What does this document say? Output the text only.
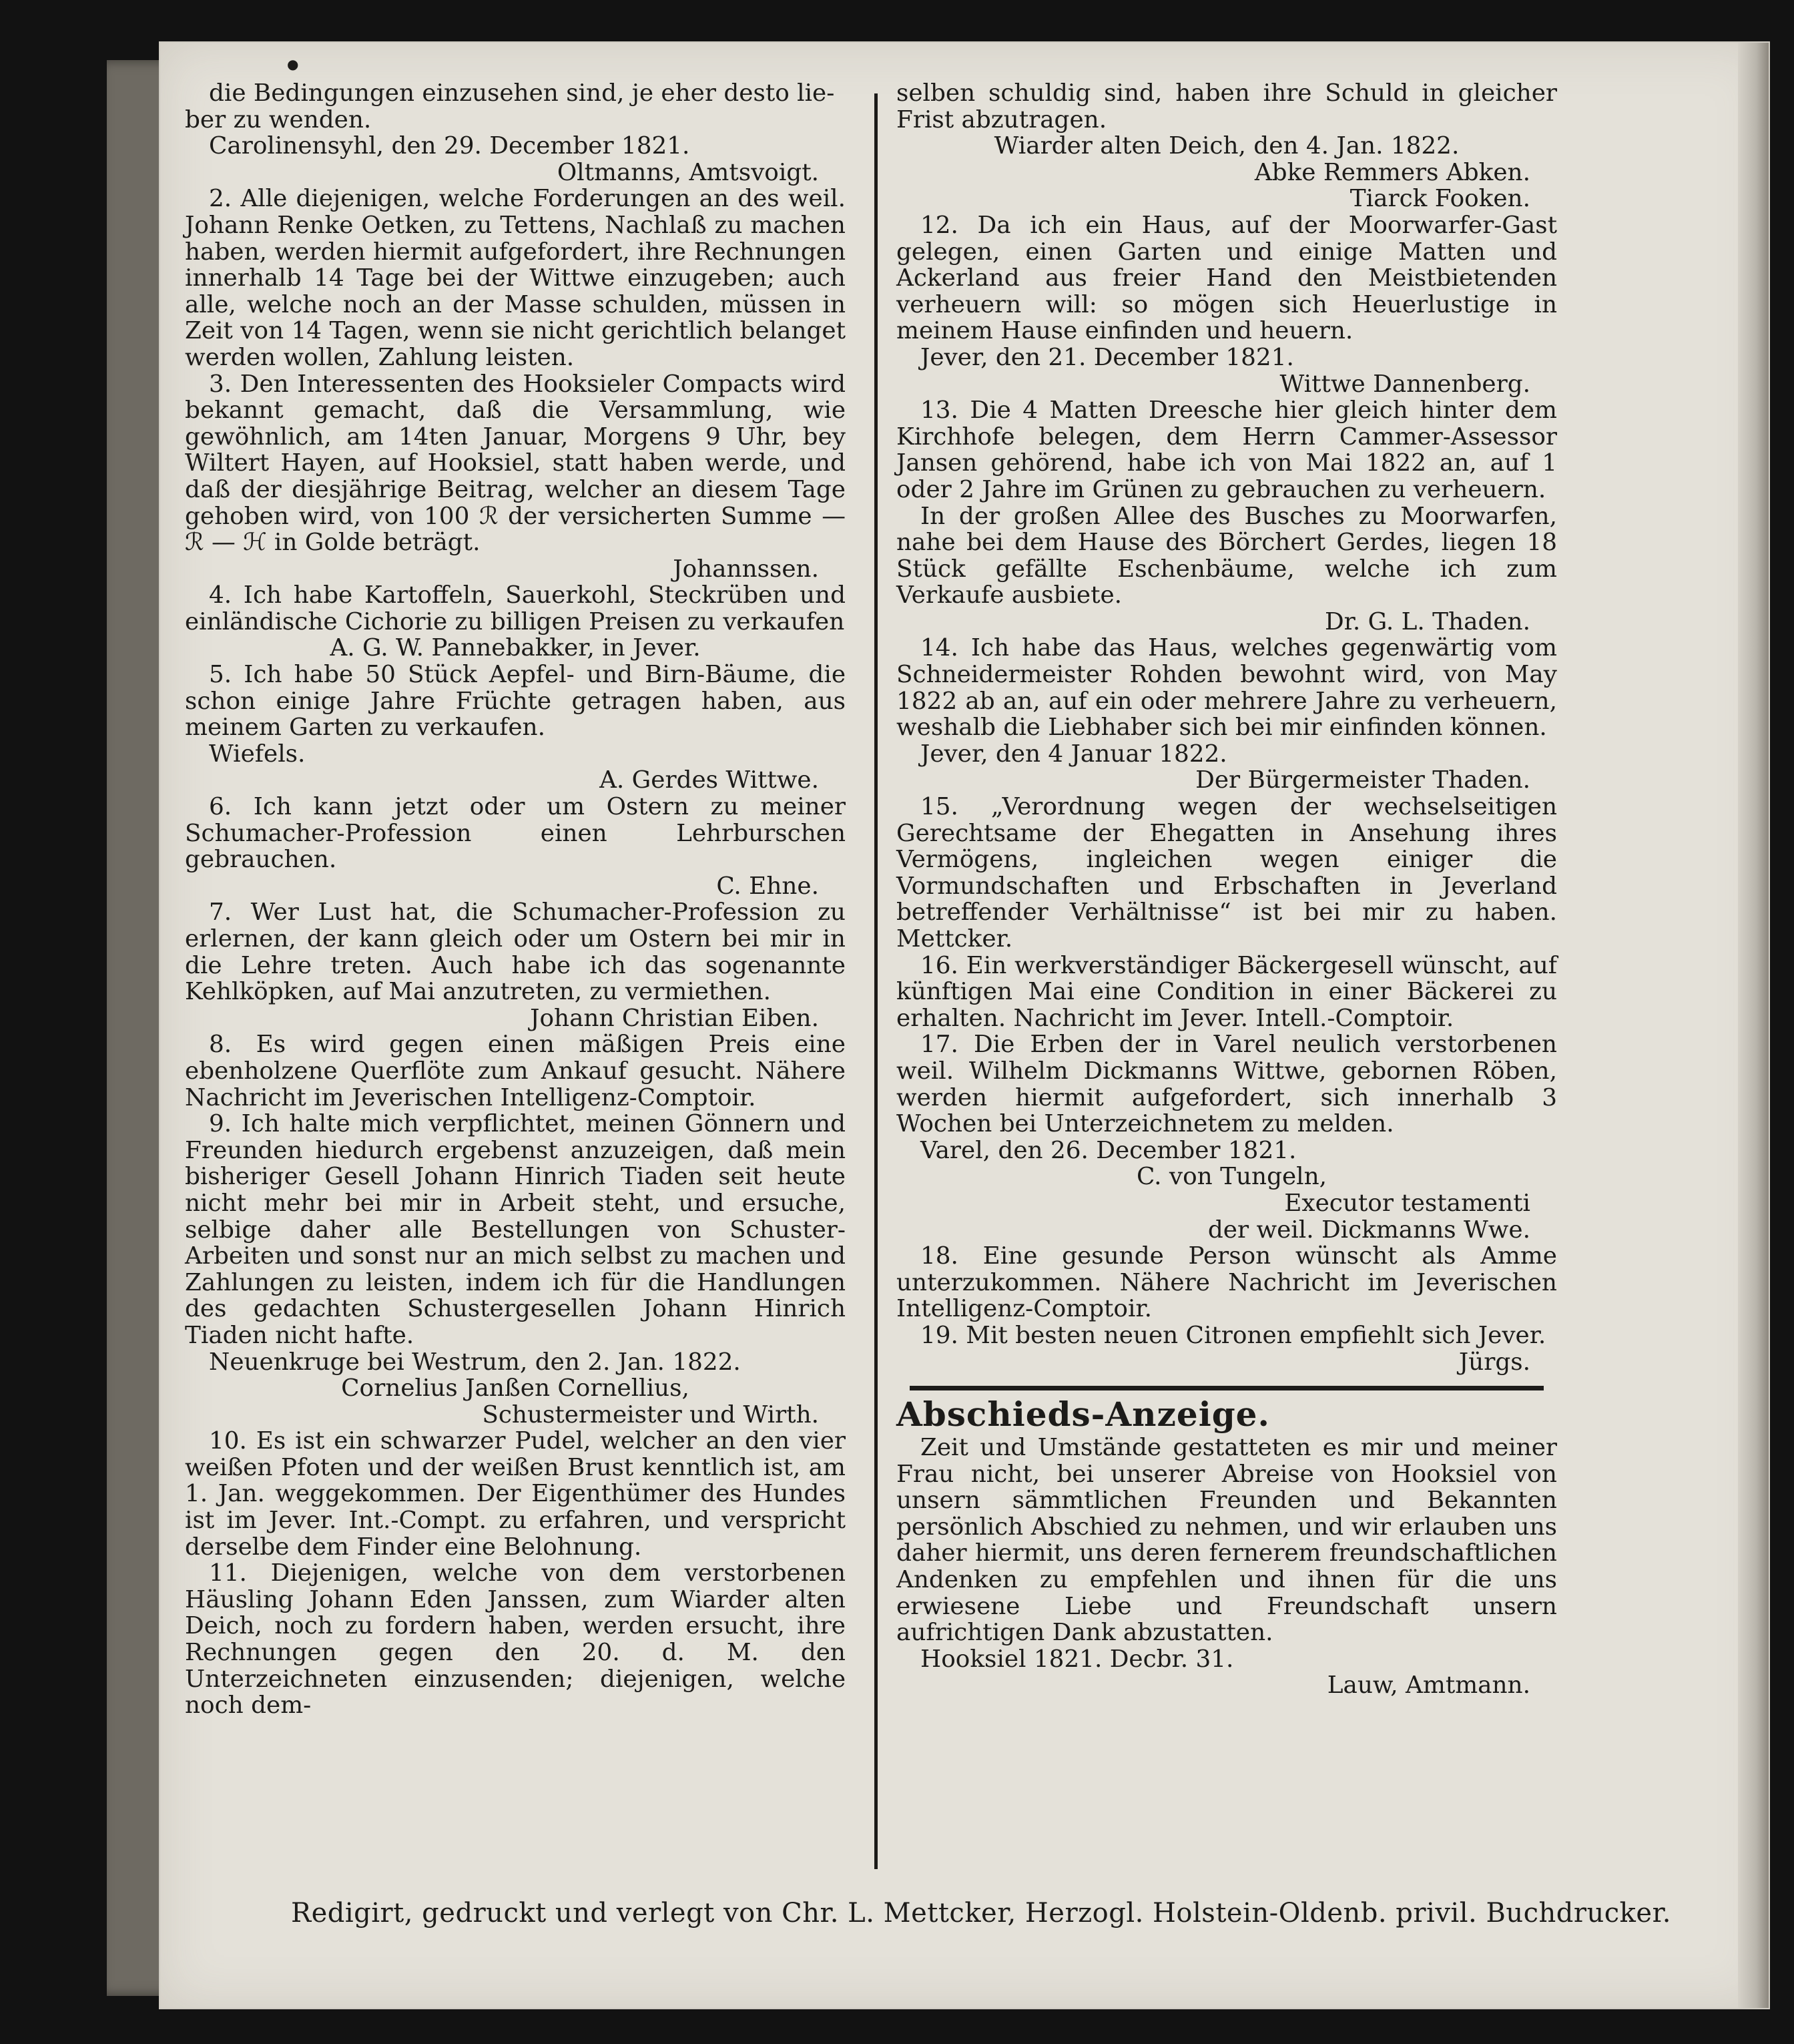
●

die Bedingungen einzusehen sind, je eher desto lie-

ber zu wenden.

Carolinensyhl, den 29. December 1821.

Oltmanns, Amtsvoigt.

2. Alle diejenigen, welche Forderungen an des weil. Johann Renke Oetken, zu Tettens, Nachlaß zu machen haben, werden hiermit aufgefordert, ihre Rechnungen innerhalb 14 Tage bei der Wittwe einzugeben; auch alle, welche noch an der Masse schulden, müssen in Zeit von 14 Tagen, wenn sie nicht gerichtlich belanget werden wollen, Zahlung leisten.

3. Den Interessenten des Hooksieler Compacts wird bekannt gemacht, daß die Versammlung, wie gewöhnlich, am 14ten Januar, Morgens 9 Uhr, bey Wiltert Hayen, auf Hooksiel, statt haben werde, und daß der diesjährige Beitrag, welcher an diesem Tage gehoben wird, von 100 ℛ der versicherten Summe — ℛ — ℋ in Golde beträgt.

Johannssen.

4. Ich habe Kartoffeln, Sauerkohl, Steckrüben und einländische Cichorie zu billigen Preisen zu verkaufen

A. G. W. Pannebakker, in Jever.

5. Ich habe 50 Stück Aepfel- und Birn-Bäume, die schon einige Jahre Früchte getragen haben, aus meinem Garten zu verkaufen.

Wiefels.

A. Gerdes Wittwe.

6. Ich kann jetzt oder um Ostern zu meiner Schumacher-Profession einen Lehrburschen gebrauchen.

C. Ehne.

7. Wer Lust hat, die Schumacher-Profession zu erlernen, der kann gleich oder um Ostern bei mir in die Lehre treten. Auch habe ich das sogenannte Kehlköpken, auf Mai anzutreten, zu vermiethen.

Johann Christian Eiben.

8. Es wird gegen einen mäßigen Preis eine ebenholzene Querflöte zum Ankauf gesucht. Nähere Nachricht im Jeverischen Intelligenz-Comptoir.

9. Ich halte mich verpflichtet, meinen Gönnern und Freunden hiedurch ergebenst anzuzeigen, daß mein bisheriger Gesell Johann Hinrich Tiaden seit heute nicht mehr bei mir in Arbeit steht, und ersuche, selbige daher alle Bestellungen von Schuster-Arbeiten und sonst nur an mich selbst zu machen und Zahlungen zu leisten, indem ich für die Handlungen des gedachten Schustergesellen Johann Hinrich Tiaden nicht hafte.

Neuenkruge bei Westrum, den 2. Jan. 1822.

Cornelius Janßen Cornellius,

Schustermeister und Wirth.

10. Es ist ein schwarzer Pudel, welcher an den vier weißen Pfoten und der weißen Brust kenntlich ist, am 1. Jan. weggekommen. Der Eigenthümer des Hundes ist im Jever. Int.-Compt. zu erfahren, und verspricht derselbe dem Finder eine Belohnung.

11. Diejenigen, welche von dem verstorbenen Häusling Johann Eden Janssen, zum Wiarder alten Deich, noch zu fordern haben, werden ersucht, ihre Rechnungen gegen den 20. d. M. den Unterzeichneten einzusenden; diejenigen, welche noch dem-

selben schuldig sind, haben ihre Schuld in gleicher Frist abzutragen.

Wiarder alten Deich, den 4. Jan. 1822.

Abke Remmers Abken.

Tiarck Fooken.

12. Da ich ein Haus, auf der Moorwarfer-Gast gelegen, einen Garten und einige Matten und Ackerland aus freier Hand den Meistbietenden verheuern will: so mögen sich Heuerlustige in meinem Hause einfinden und heuern.

Jever, den 21. December 1821.

Wittwe Dannenberg.

13. Die 4 Matten Dreesche hier gleich hinter dem Kirchhofe belegen, dem Herrn Cammer-Assessor Jansen gehörend, habe ich von Mai 1822 an, auf 1 oder 2 Jahre im Grünen zu gebrauchen zu verheuern.

In der großen Allee des Busches zu Moorwarfen, nahe bei dem Hause des Börchert Gerdes, liegen 18 Stück gefällte Eschenbäume, welche ich zum Verkaufe ausbiete.

Dr. G. L. Thaden.

14. Ich habe das Haus, welches gegenwärtig vom Schneidermeister Rohden bewohnt wird, von May 1822 ab an, auf ein oder mehrere Jahre zu verheuern, weshalb die Liebhaber sich bei mir einfinden können.

Jever, den 4 Januar 1822.

Der Bürgermeister Thaden.

15. „Verordnung wegen der wechselseitigen Gerechtsame der Ehegatten in Ansehung ihres Vermögens, ingleichen wegen einiger die Vormundschaften und Erbschaften in Jeverland betreffender Verhältnisse“ ist bei mir zu haben. Mettcker.

16. Ein werkverständiger Bäckergesell wünscht, auf künftigen Mai eine Condition in einer Bäckerei zu erhalten. Nachricht im Jever. Intell.-Comptoir.

17. Die Erben der in Varel neulich verstorbenen weil. Wilhelm Dickmanns Wittwe, gebornen Röben, werden hiermit aufgefordert, sich innerhalb 3 Wochen bei Unterzeichnetem zu melden.

Varel, den 26. December 1821.

C. von Tungeln,

Executor testamenti

der weil. Dickmanns Wwe.

18. Eine gesunde Person wünscht als Amme unterzukommen. Nähere Nachricht im Jeverischen Intelligenz-Comptoir.

19. Mit besten neuen Citronen empfiehlt sich Jever.

Jürgs.

Abschieds-Anzeige.

Zeit und Umstände gestatteten es mir und meiner Frau nicht, bei unserer Abreise von Hooksiel von unsern sämmtlichen Freunden und Bekannten persönlich Abschied zu nehmen, und wir erlauben uns daher hiermit, uns deren fernerem freundschaftlichen Andenken zu empfehlen und ihnen für die uns erwiesene Liebe und Freundschaft unsern aufrichtigen Dank abzustatten.

Hooksiel 1821. Decbr. 31.

Lauw, Amtmann.

Redigirt, gedruckt und verlegt von Chr. L. Mettcker, Herzogl. Holstein-Oldenb. privil. Buchdrucker.
